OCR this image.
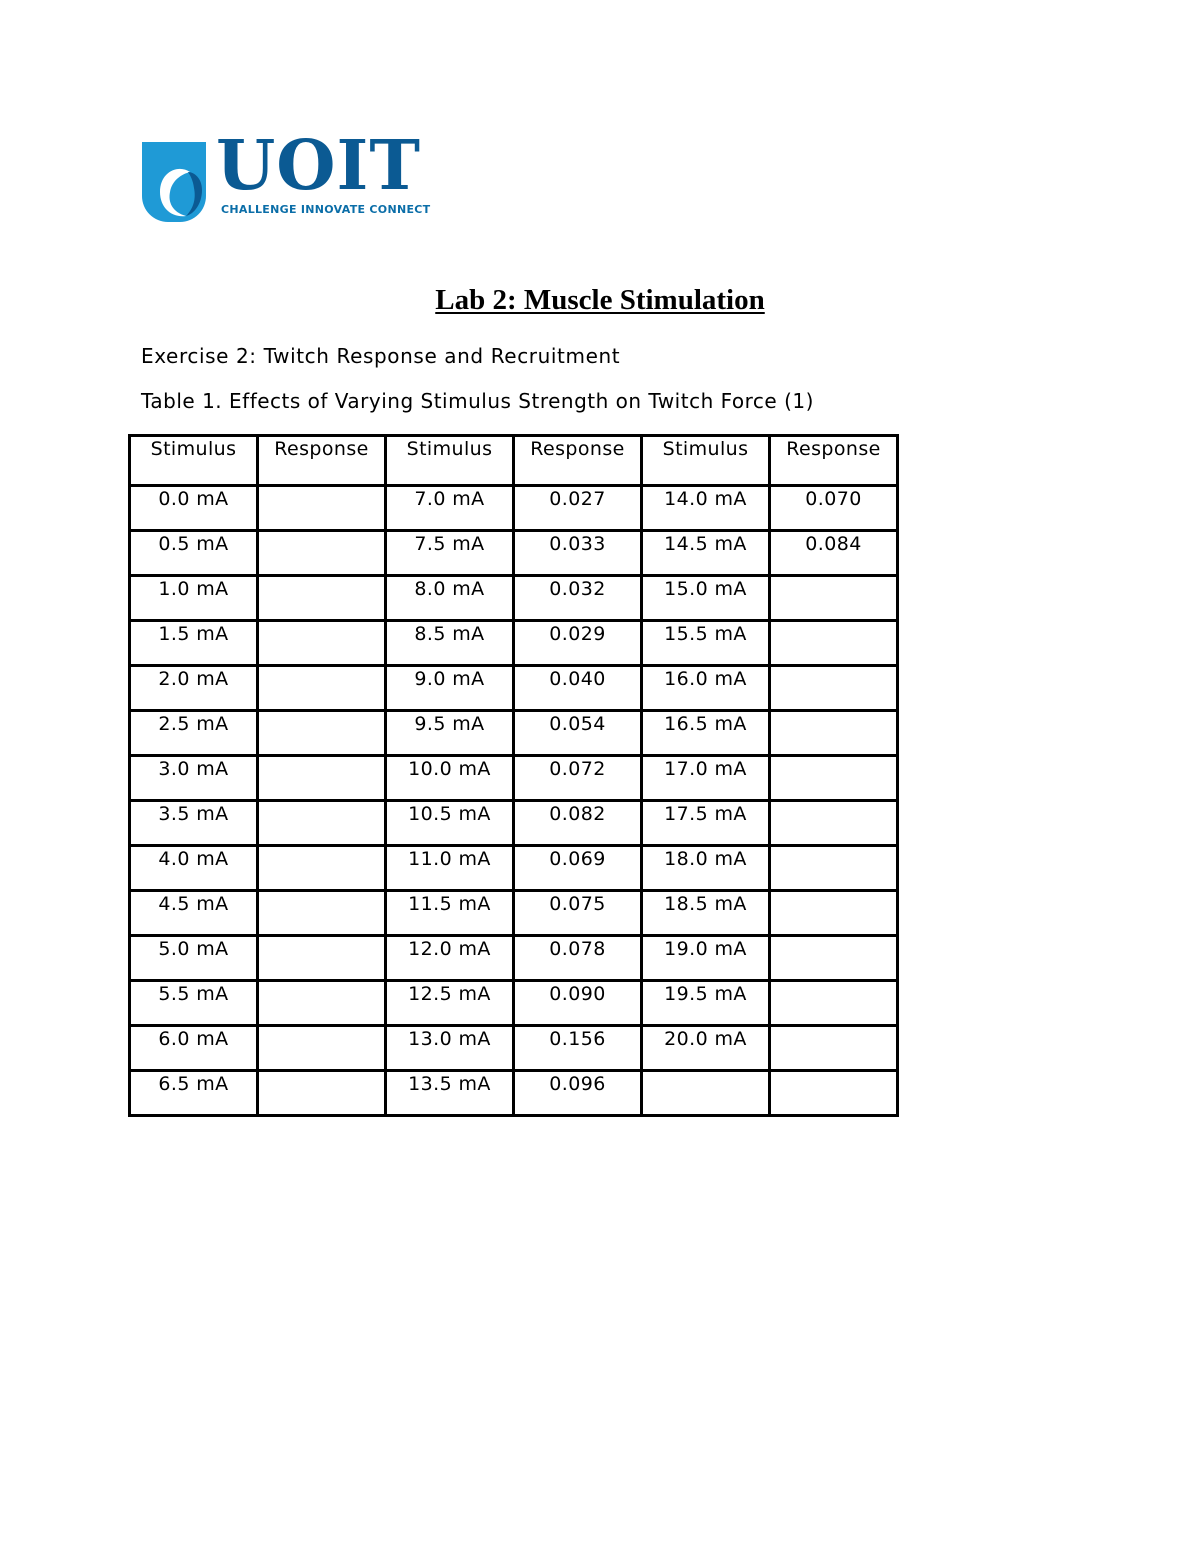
UOIT
CHALLENGE INNOVATE CONNECT
Lab 2: Muscle Stimulation
Exercise 2: Twitch Response and Recruitment
Table 1. Effects of Varying Stimulus Strength on Twitch Force (1)
Stimulus	Response	Stimulus	Response	Stimulus	Response
0.0 mA		7.0 mA	0.027	14.0 mA	0.070
0.5 mA		7.5 mA	0.033	14.5 mA	0.084
1.0 mA		8.0 mA	0.032	15.0 mA	
1.5 mA		8.5 mA	0.029	15.5 mA	
2.0 mA		9.0 mA	0.040	16.0 mA	
2.5 mA		9.5 mA	0.054	16.5 mA	
3.0 mA		10.0 mA	0.072	17.0 mA	
3.5 mA		10.5 mA	0.082	17.5 mA	
4.0 mA		11.0 mA	0.069	18.0 mA	
4.5 mA		11.5 mA	0.075	18.5 mA	
5.0 mA		12.0 mA	0.078	19.0 mA	
5.5 mA		12.5 mA	0.090	19.5 mA	
6.0 mA		13.0 mA	0.156	20.0 mA	
6.5 mA		13.5 mA	0.096		
